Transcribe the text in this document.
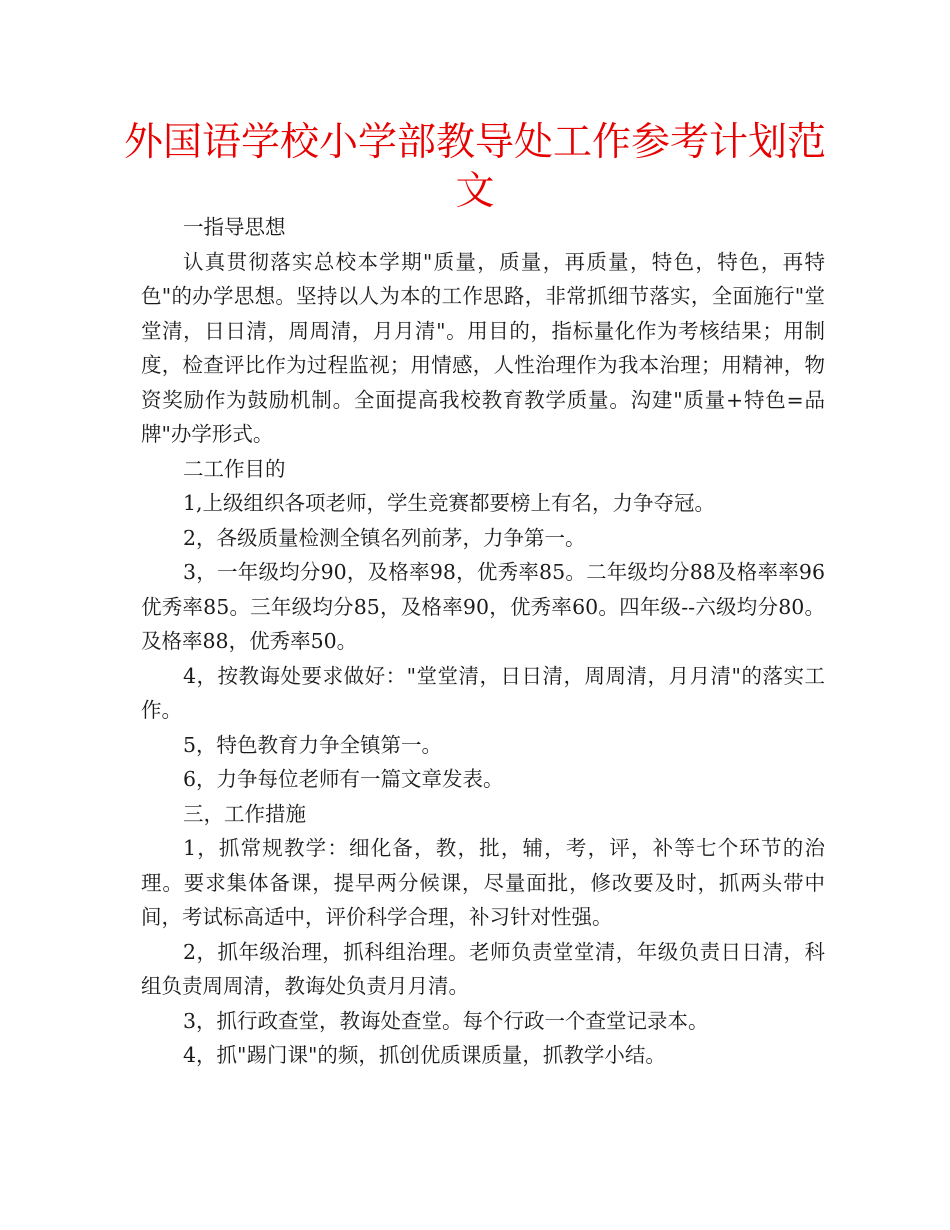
外国语学校小学部教导处工作参考计划范文

一指导思想

认真贯彻落实总校本学期"质量，质量，再质量，特色，特色，再特色"的办学思想。坚持以人为本的工作思路，非常抓细节落实，全面施行"堂堂清，日日清，周周清，月月清"。用目的，指标量化作为考核结果；用制度，检查评比作为过程监视；用情感，人性治理作为我本治理；用精神，物资奖励作为鼓励机制。全面提高我校教育教学质量。沟建"质量+特色=品牌"办学形式。

二工作目的

1,上级组织各项老师，学生竞赛都要榜上有名，力争夺冠。

2，各级质量检测全镇名列前茅，力争第一。

3，一年级均分90，及格率98，优秀率85。二年级均分88及格率率96优秀率85。三年级均分85，及格率90，优秀率60。四年级--六级均分80。及格率88，优秀率50。

4，按教诲处要求做好："堂堂清，日日清，周周清，月月清"的落实工作。

5，特色教育力争全镇第一。

6，力争每位老师有一篇文章发表。

三，工作措施

1，抓常规教学：细化备，教，批，辅，考，评，补等七个环节的治理。要求集体备课，提早两分候课，尽量面批，修改要及时，抓两头带中间，考试标高适中，评价科学合理，补习针对性强。

2，抓年级治理，抓科组治理。老师负责堂堂清，年级负责日日清，科组负责周周清，教诲处负责月月清。

3，抓行政查堂，教诲处查堂。每个行政一个查堂记录本。

4，抓"踢门课"的频，抓创优质课质量，抓教学小结。
